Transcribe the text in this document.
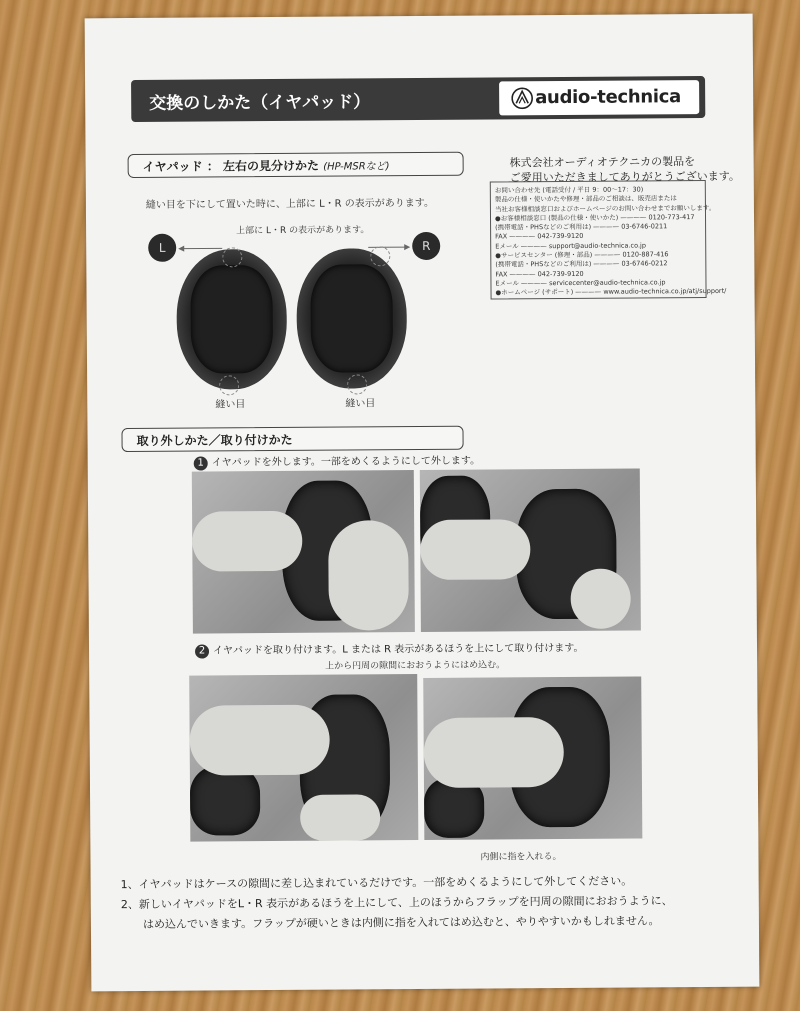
交換のしかた（イヤパッド）	audio-technica
イヤパッド ： 左右の見分けかた (HP-MSRなど)
縫い目を下にして置いた時に、上部に L・R の表示があります。
上部に L・R の表示があります。
L	R
縫い目	縫い目
株式会社オーディオテクニカの製品を
ご愛用いただきましてありがとうございます。
お問い合わせ先 (電話受付 / 平日 9：00～17：30)
製品の仕様・使いかたや修理・部品のご相談は、販売店または
当社お客様相談窓口およびホームページのお問い合わせまでお願いします。
●お客様相談窓口 (製品の仕様・使いかた) ———— 0120-773-417
(携帯電話・PHSなどのご利用は) ———— 03-6746-0211
FAX ———— 042-739-9120
Eメール ———— support@audio-technica.co.jp
●サービスセンター (修理・部品) ———— 0120-887-416
(携帯電話・PHSなどのご利用は) ———— 03-6746-0212
FAX ———— 042-739-9120
Eメール ———— servicecenter@audio-technica.co.jp
●ホームページ (サポート) ———— www.audio-technica.co.jp/atj/support/
取り外しかた／取り付けかた
1 イヤパッドを外します。一部をめくるようにして外します。
2 イヤパッドを取り付けます。L または R 表示があるほうを上にして取り付けます。
上から円周の隙間におおうようにはめ込む。
内側に指を入れる。
1、イヤパッドはケースの隙間に差し込まれているだけです。一部をめくるようにして外してください。
2、新しいイヤパッドをL・R 表示があるほうを上にして、上のほうからフラップを円周の隙間におおうように、
はめ込んでいきます。フラップが硬いときは内側に指を入れてはめ込むと、やりやすいかもしれません。
